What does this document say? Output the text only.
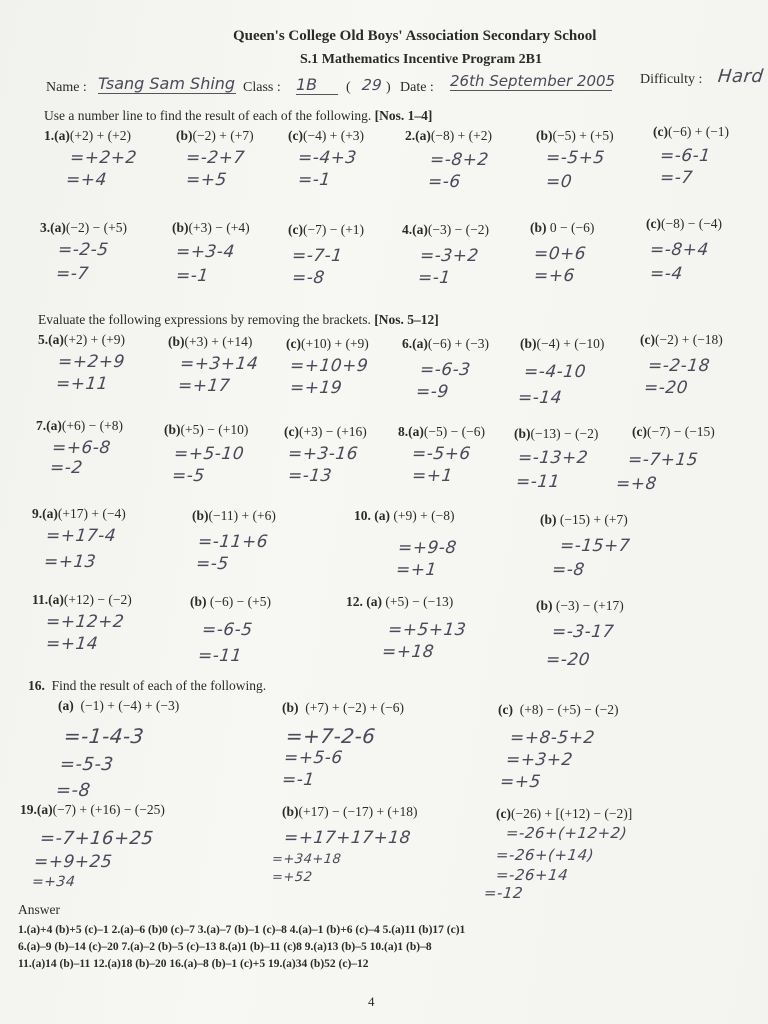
Queen's College Old Boys' Association Secondary School
S.1 Mathematics Incentive Program 2B1
Name : Tsang Sam Shing Class : 1B	( 29 ) Date : 26th September 2005 Difficulty : Hard
Use a number line to find the result of each of the following. [Nos. 1–4]
1.(a)(+2) + (+2)
=+2+2
=+4
(b)(−2) + (+7)
=-2+7
=+5
(c)(−4) + (+3)
=-4+3
=-1
2.(a)(−8) + (+2)
=-8+2
=-6
(b)(−5) + (+5)
=-5+5
=0
(c)(−6) + (−1)
=-6-1
=-7
3.(a)(−2) − (+5)
=-2-5
=-7
(b)(+3) − (+4)
=+3-4
=-1
(c)(−7) − (+1)
=-7-1
=-8
4.(a)(−3) − (−2)
=-3+2
=-1
(b) 0 − (−6)
=0+6
=+6
(c)(−8) − (−4)
=-8+4
=-4
Evaluate the following expressions by removing the brackets. [Nos. 5–12]
5.(a)(+2) + (+9)
=+2+9
=+11
(b)(+3) + (+14)
=+3+14
=+17
(c)(+10) + (+9)
=+10+9
=+19
6.(a)(−6) + (−3)
=-6-3
=-9
(b)(−4) + (−10)
=-4-10
=-14
(c)(−2) + (−18)
=-2-18
=-20
7.(a)(+6) − (+8)
=+6-8
=-2
(b)(+5) − (+10)
=+5-10
=-5
(c)(+3) − (+16)
=+3-16
=-13
8.(a)(−5) − (−6)
=-5+6
=+1
(b)(−13) − (−2)
=-13+2
=-11
(c)(−7) − (−15)
=-7+15
=+8
9.(a)(+17) + (−4)
=+17-4
=+13
(b)(−11) + (+6)
=-11+6
=-5
10. (a) (+9) + (−8)
=+9-8
=+1
(b) (−15) + (+7)
=-15+7
=-8
11.(a)(+12) − (−2)
=+12+2
=+14
(b) (−6) − (+5)
=-6-5
=-11
12. (a) (+5) − (−13)
=+5+13
=+18
(b) (−3) − (+17)
=-3-17
=-20
16. Find the result of each of the following.
(a) (−1) + (−4) + (−3)
=-1-4-3
=-5-3
=-8
(b) (+7) + (−2) + (−6)
=+7-2-6
=+5-6
=-1
(c) (+8) − (+5) − (−2)
=+8-5+2
=+3+2
=+5
19.(a)(−7) + (+16) − (−25)
=-7+16+25
=+9+25
=+34
(b)(+17) − (−17) + (+18)
=+17+17+18
=+34+18
=+52
(c)(−26) + [(+12) − (−2)]
=-26+(+12+2)
=-26+(+14)
=-26+14
=-12
Answer
1.(a)+4 (b)+5 (c)–1 2.(a)–6 (b)0 (c)–7 3.(a)–7 (b)–1 (c)–8 4.(a)–1 (b)+6 (c)–4 5.(a)11 (b)17 (c)1
6.(a)–9 (b)–14 (c)–20 7.(a)–2 (b)–5 (c)–13 8.(a)1 (b)–11 (c)8 9.(a)13 (b)–5 10.(a)1 (b)–8
11.(a)14 (b)–11 12.(a)18 (b)–20 16.(a)–8 (b)–1 (c)+5 19.(a)34 (b)52 (c)–12
4
